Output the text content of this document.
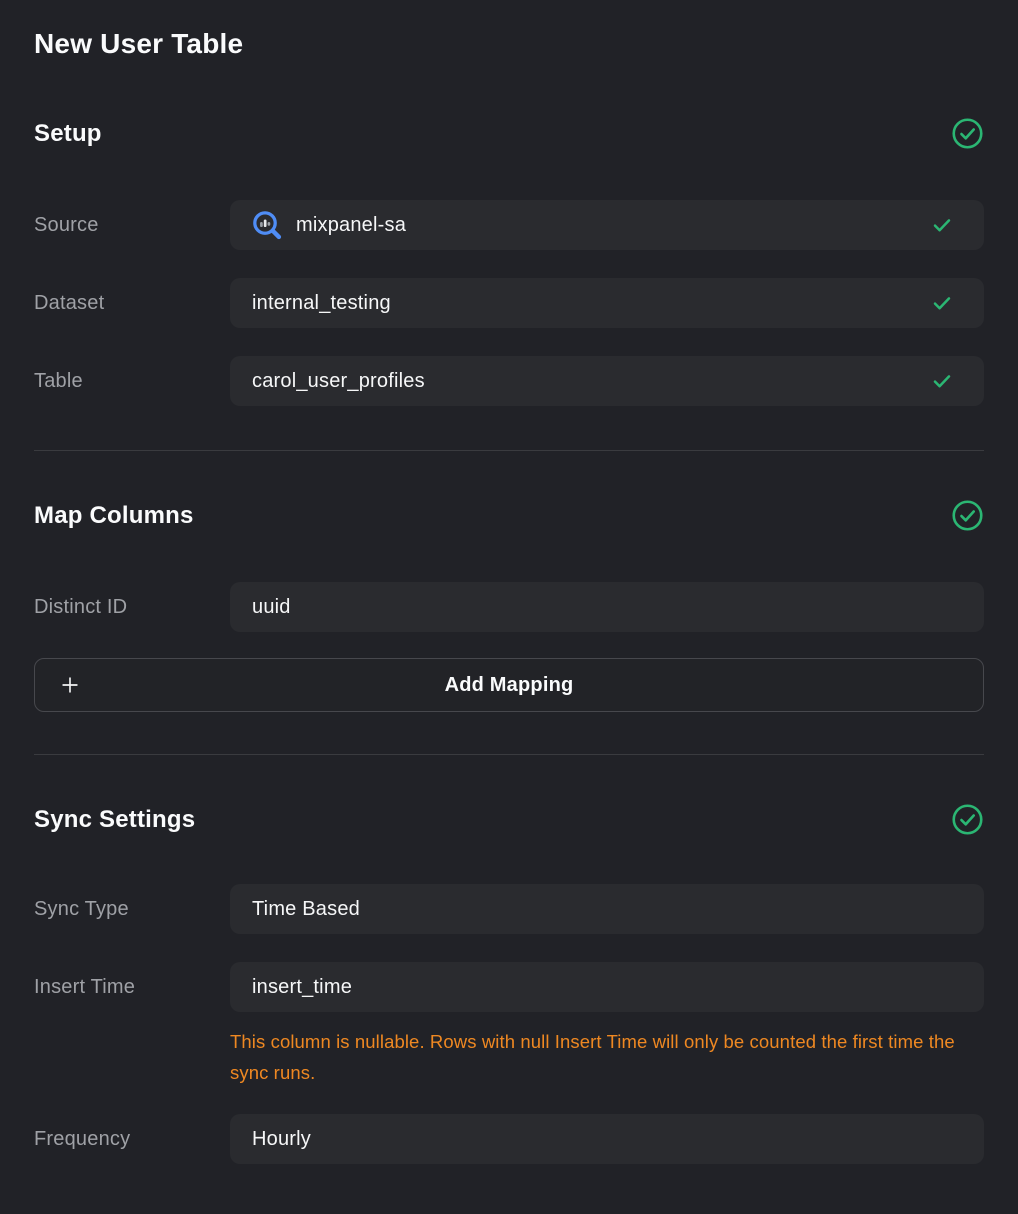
New User Table
Setup
Source	mixpanel-sa
Dataset	internal_testing
Table	carol_user_profiles
Map Columns
Distinct ID	uuid
Add Mapping
Sync Settings
Sync Type	Time Based
Insert Time	insert_time
This column is nullable. Rows with null Insert Time will only be counted the first time the sync runs.
Frequency	Hourly
